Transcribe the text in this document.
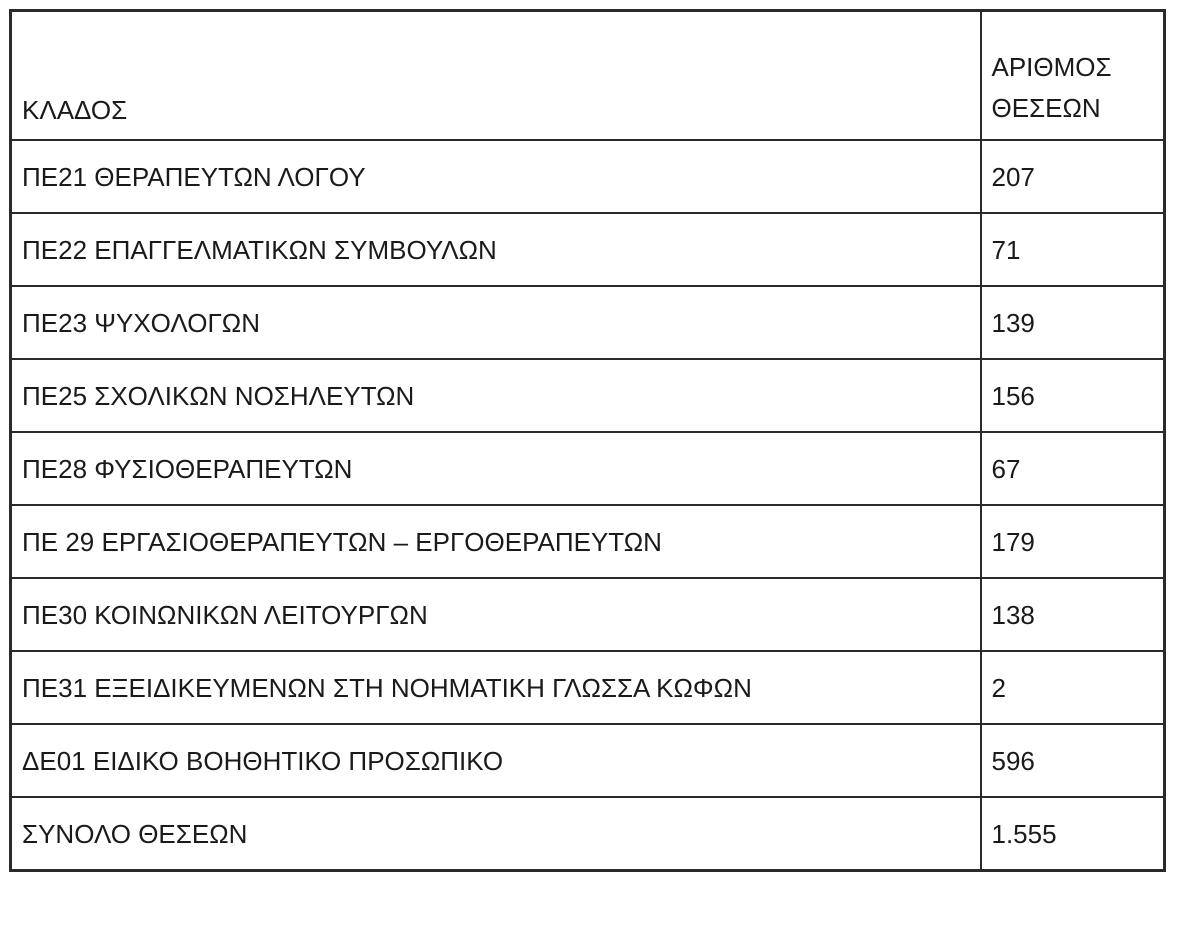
ΚΛΑΔΟΣ	ΑΡΙΘΜΟΣ
ΘΕΣΕΩΝ

ΠΕ21 ΘΕΡΑΠΕΥΤΩΝ ΛΟΓΟΥ	207
ΠΕ22 ΕΠΑΓΓΕΛΜΑΤΙΚΩΝ ΣΥΜΒΟΥΛΩΝ	71
ΠΕ23 ΨΥΧΟΛΟΓΩΝ	139
ΠΕ25 ΣΧΟΛΙΚΩΝ ΝΟΣΗΛΕΥΤΩΝ	156
ΠΕ28 ΦΥΣΙΟΘΕΡΑΠΕΥΤΩΝ	67
ΠΕ 29 ΕΡΓΑΣΙΟΘΕΡΑΠΕΥΤΩΝ – ΕΡΓΟΘΕΡΑΠΕΥΤΩΝ	179
ΠΕ30 ΚΟΙΝΩΝΙΚΩΝ ΛΕΙΤΟΥΡΓΩΝ	138
ΠΕ31 ΕΞΕΙΔΙΚΕΥΜΕΝΩΝ ΣΤΗ ΝΟΗΜΑΤΙΚΗ ΓΛΩΣΣΑ ΚΩΦΩΝ	2
ΔΕ01 ΕΙΔΙΚΟ ΒΟΗΘΗΤΙΚΟ ΠΡΟΣΩΠΙΚΟ	596
ΣΥΝΟΛΟ ΘΕΣΕΩΝ	1.555
